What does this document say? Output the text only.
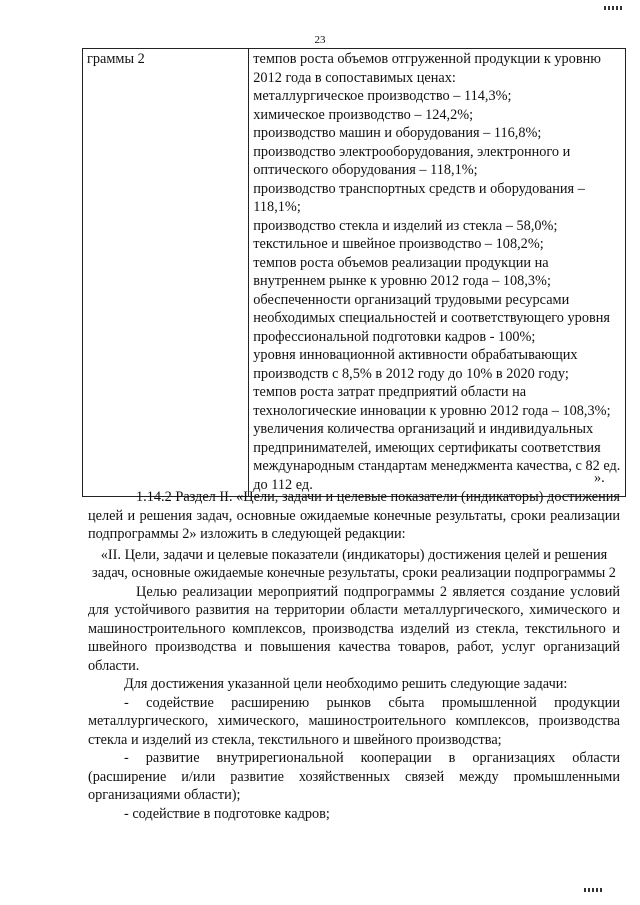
23
граммы 2	темпов роста объемов отгруженной продукции к уровню 2012 года в сопоставимых ценах:
металлургическое производство – 114,3%;
химическое производство – 124,2%;
производство машин и оборудования – 116,8%;
производство электрооборудования, электронного и оптического оборудования – 118,1%;
производство транспортных средств и оборудования – 118,1%;
производство стекла и изделий из стекла – 58,0%;
текстильное и швейное производство – 108,2%;
темпов роста объемов реализации продукции на внутреннем рынке к уровню 2012 года – 108,3%;
обеспеченности организаций трудовыми ресурсами необходимых специальностей и соответствующего уровня профессиональной подготовки кадров - 100%;
уровня инновационной активности обрабатывающих производств с 8,5% в 2012 году до 10% в 2020 году;
темпов роста затрат предприятий области на технологические инновации к уровню 2012 года – 108,3%;
увеличения количества организаций и индивидуальных предпринимателей, имеющих сертификаты соответствия международным стандартам менеджмента качества, с 82 ед. до 112 ед.	».

1.14.2 Раздел II. «Цели, задачи и целевые показатели (индикаторы) достижения целей и решения задач, основные ожидаемые конечные результаты, сроки реализации подпрограммы 2» изложить в следующей редакции:

«II. Цели, задачи и целевые показатели (индикаторы) достижения целей и решения задач, основные ожидаемые конечные результаты, сроки реализации подпрограммы 2

Целью реализации мероприятий подпрограммы 2 является создание условий для устойчивого развития на территории области металлургического, химического и машиностроительного комплексов, производства изделий из стекла, текстильного и швейного производства и повышения качества товаров, работ, услуг организаций области.

Для достижения указанной цели необходимо решить следующие задачи:

- содействие расширению рынков сбыта промышленной продукции металлургического, химического, машиностроительного комплексов, производства стекла и изделий из стекла, текстильного и швейного производства;

- развитие внутрирегиональной кооперации в организациях области (расширение и/или развитие хозяйственных связей между промышленными организациями области);

- содействие в подготовке кадров;
